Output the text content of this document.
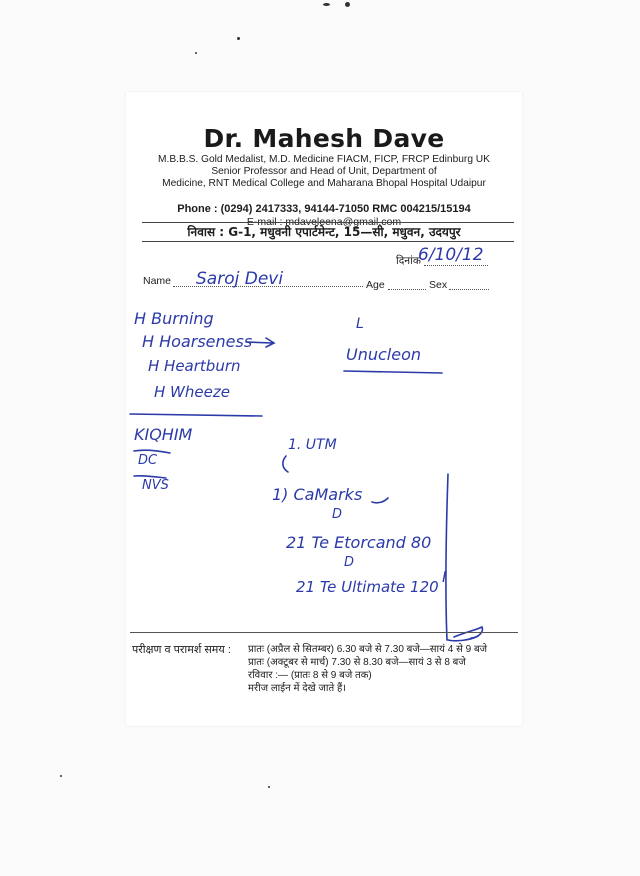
Dr. Mahesh Dave
M.B.B.S. Gold Medalist, M.D. Medicine FIACM, FICP, FRCP Edinburg UK
Senior Professor and Head of Unit, Department of
Medicine, RNT Medical College and Maharana Bhopal Hospital Udaipur
Phone : (0294) 2417333, 94144-71050 RMC 004215/15194
E-mail : mdaveleena@gmail.com
निवास : G-1, मधुवनी एपार्टमेन्ट, 15—सी, मधुवन, उदयपुर
दिनांक
Name	Age	Sex
6/10/12
Saroj Devi
H Burning
H Hoarseness
H Heartburn
H Wheeze
L
Unucleon
KIQHIM
DC
NVS
1. UTM
1) CaMarks
D
21 Te Etorcand 80
D
21 Te Ultimate 120
I
परीक्षण व परामर्श समय : प्रातः (अप्रैल से सितम्बर) 6.30 बजे से 7.30 बजे—सायं 4 से 9 बजे
प्रातः (अक्टूबर से मार्च) 7.30 से 8.30 बजे—सायं 3 से 8 बजे
रविवार :— (प्रातः 8 से 9 बजे तक)
मरीज लाईन में देखे जाते हैं।
